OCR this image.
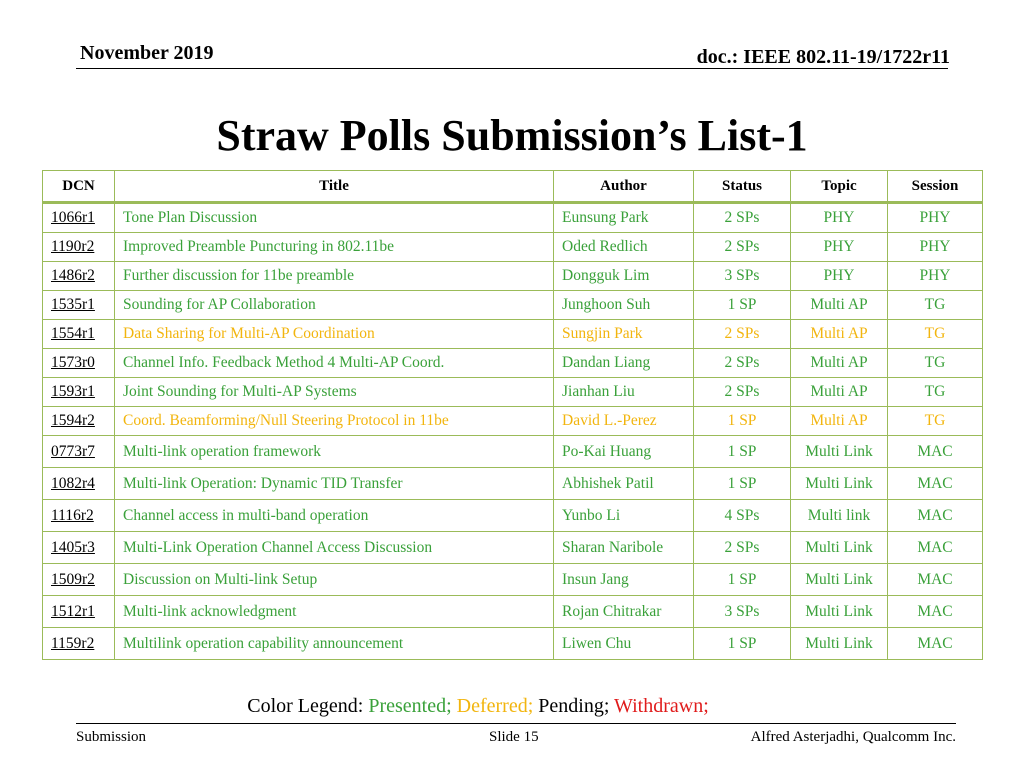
November 2019	doc.: IEEE 802.11-19/1722r11
Straw Polls Submission’s List-1
DCN	Title	Author	Status	Topic	Session
1066r1	Tone Plan Discussion	Eunsung Park	2 SPs	PHY	PHY
1190r2	Improved Preamble Puncturing in 802.11be	Oded Redlich	2 SPs	PHY	PHY
1486r2	Further discussion for 11be preamble	Dongguk Lim	3 SPs	PHY	PHY
1535r1	Sounding for AP Collaboration	Junghoon Suh	1 SP	Multi AP	TG
1554r1	Data Sharing for Multi-AP Coordination	Sungjin Park	2 SPs	Multi AP	TG
1573r0	Channel Info. Feedback Method 4 Multi-AP Coord.	Dandan Liang	2 SPs	Multi AP	TG
1593r1	Joint Sounding for Multi-AP Systems	Jianhan Liu	2 SPs	Multi AP	TG
1594r2	Coord. Beamforming/Null Steering Protocol in 11be	David L.-Perez	1 SP	Multi AP	TG
0773r7	Multi-link operation framework	Po-Kai Huang	1 SP	Multi Link	MAC
1082r4	Multi-link Operation: Dynamic TID Transfer	Abhishek Patil	1 SP	Multi Link	MAC
1116r2	Channel access in multi-band operation	Yunbo Li	4 SPs	Multi link	MAC
1405r3	Multi-Link Operation Channel Access Discussion	Sharan Naribole	2 SPs	Multi Link	MAC
1509r2	Discussion on Multi-link Setup	Insun Jang	1 SP	Multi Link	MAC
1512r1	Multi-link acknowledgment	Rojan Chitrakar	3 SPs	Multi Link	MAC
1159r2	Multilink operation capability announcement	Liwen Chu	1 SP	Multi Link	MAC
Color Legend: Presented; Deferred; Pending; Withdrawn;
Submission	Slide 15	Alfred Asterjadhi, Qualcomm Inc.
